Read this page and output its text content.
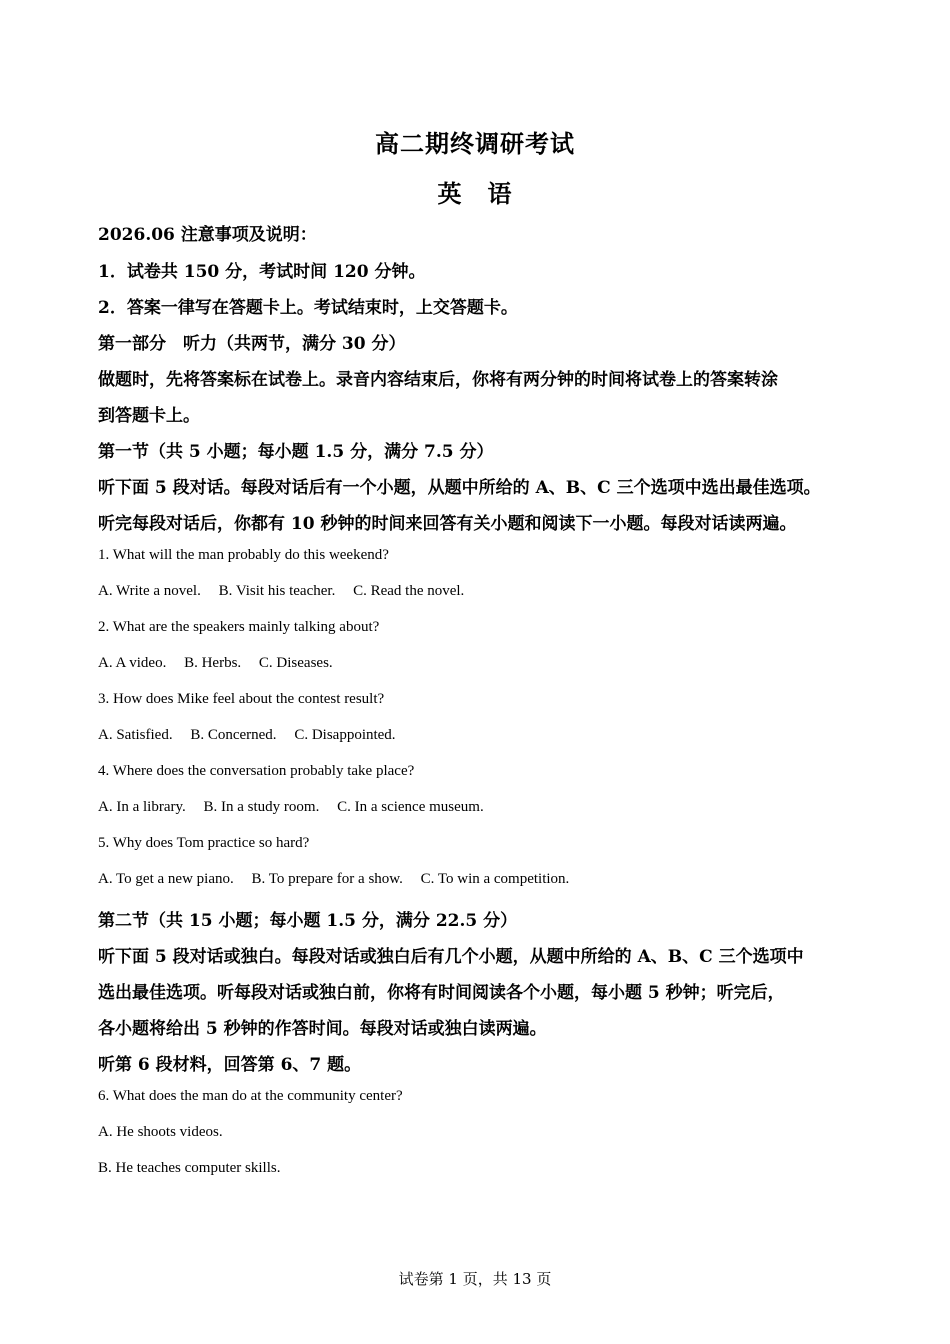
高二期终调研考试
英　语
2026.06 注意事项及说明：
1．试卷共 150 分，考试时间 120 分钟。
2．答案一律写在答题卡上。考试结束时，上交答题卡。
第一部分　听力（共两节，满分 30 分）
做题时，先将答案标在试卷上。录音内容结束后，你将有两分钟的时间将试卷上的答案转涂
到答题卡上。
第一节（共 5 小题；每小题 1.5 分，满分 7.5 分）
听下面 5 段对话。每段对话后有一个小题，从题中所给的 A、B、C 三个选项中选出最佳选项。
听完每段对话后，你都有 10 秒钟的时间来回答有关小题和阅读下一小题。每段对话读两遍。
1. What will the man probably do this weekend?
A. Write a novel. B. Visit his teacher. C. Read the novel.
2. What are the speakers mainly talking about?
A. A video. B. Herbs. C. Diseases.
3. How does Mike feel about the contest result?
A. Satisfied. B. Concerned. C. Disappointed.
4. Where does the conversation probably take place?
A. In a library. B. In a study room. C. In a science museum.
5. Why does Tom practice so hard?
A. To get a new piano. B. To prepare for a show. C. To win a competition.
第二节（共 15 小题；每小题 1.5 分，满分 22.5 分）
听下面 5 段对话或独白。每段对话或独白后有几个小题，从题中所给的 A、B、C 三个选项中
选出最佳选项。听每段对话或独白前，你将有时间阅读各个小题，每小题 5 秒钟；听完后，
各小题将给出 5 秒钟的作答时间。每段对话或独白读两遍。
听第 6 段材料，回答第 6、7 题。
6. What does the man do at the community center?
A. He shoots videos.
B. He teaches computer skills.
试卷第 1 页，共 13 页
